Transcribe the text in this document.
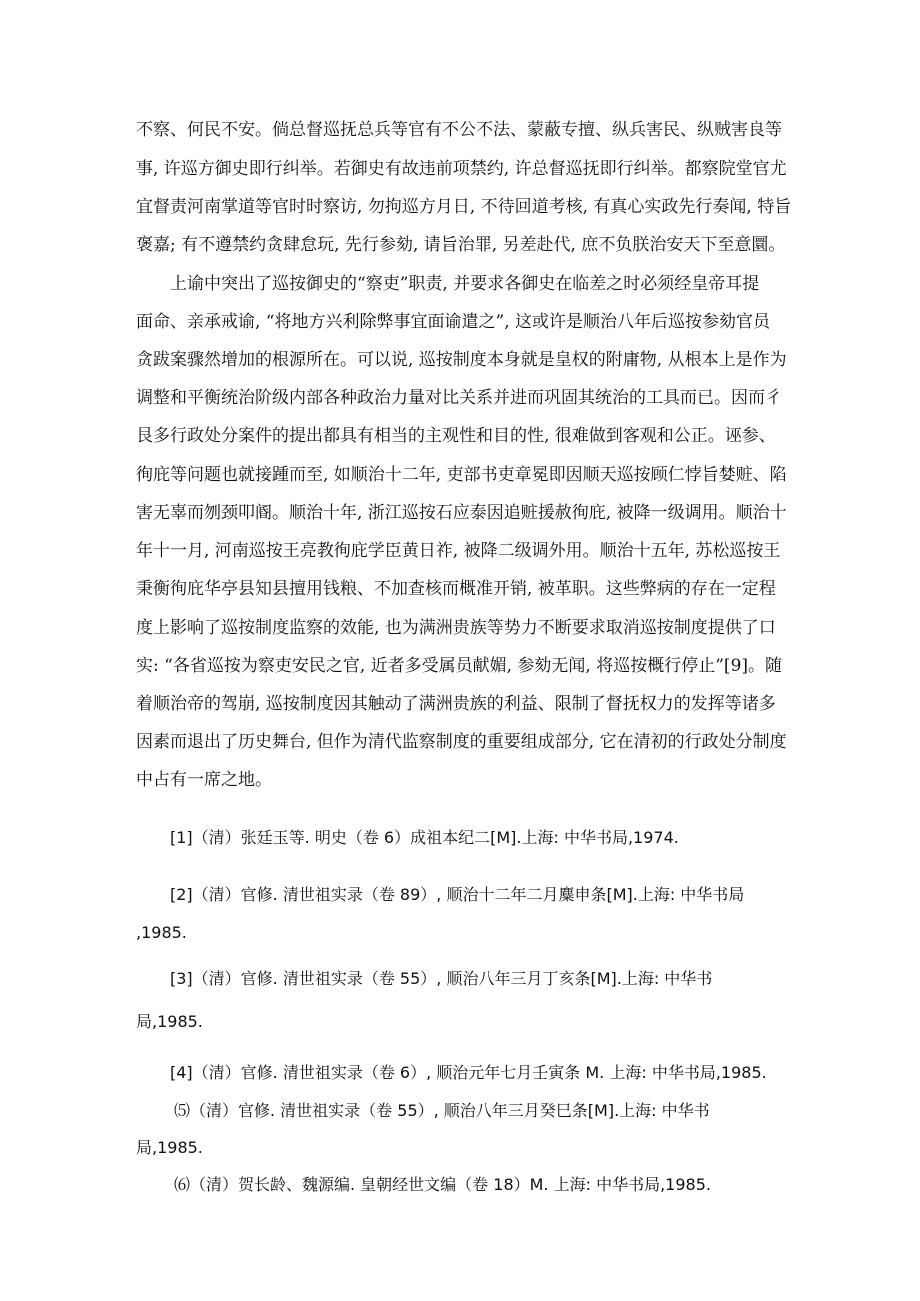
不察、何民不安。倘总督巡抚总兵等官有不公不法、蒙蔽专擅、纵兵害民、纵贼害良等

事, 许巡方御史即行纠举。若御史有故违前项禁约, 许总督巡抚即行纠举。都察院堂官尤

宜督责河南掌道等官时时察访, 勿拘巡方月日, 不待回道考核, 有真心实政先行奏闻, 特旨

褒嘉; 有不遵禁约贪肆怠玩, 先行参劾, 请旨治罪, 另差赴代, 庶不负朕治安天下至意圜。

上谕中突出了巡按御史的“察吏”职责, 并要求各御史在临差之时必须经皇帝耳提

面命、亲承戒谕, “将地方兴利除弊事宜面谕遣之”, 这或许是顺治八年后巡按参劾官员

贪跋案骤然增加的根源所在。可以说, 巡按制度本身就是皇权的附庸物, 从根本上是作为

调整和平衡统治阶级内部各种政治力量对比关系并进而巩固其统治的工具而已。因而彳

艮多行政处分案件的提出都具有相当的主观性和目的性, 很难做到客观和公正。诬参、

徇庇等问题也就接踵而至, 如顺治十二年, 吏部书吏章冕即因顺天巡按顾仁悖旨婪赃、陷

害无辜而刎颈叩阍。顺治十年, 浙江巡按石应泰因追赃援赦徇庇, 被降一级调用。顺治十

年十一月, 河南巡按王亮教徇庇学臣黄日祚, 被降二级调外用。顺治十五年, 苏松巡按王

秉衡徇庇华亭县知县擅用钱粮、不加查核而概准开销, 被革职。这些弊病的存在一定程

度上影响了巡按制度监察的效能, 也为满洲贵族等势力不断要求取消巡按制度提供了口

实: “各省巡按为察吏安民之官, 近者多受属员献媚, 参劾无闻, 将巡按概行停止”[9]。随

着顺治帝的驾崩, 巡按制度因其触动了满洲贵族的利益、限制了督抚权力的发挥等诸多

因素而退出了历史舞台, 但作为清代监察制度的重要组成部分, 它在清初的行政处分制度

中占有一席之地。

[1]（清）张廷玉等. 明史（卷 6）成祖本纪二[M].上海: 中华书局,1974.

[2]（清）官修. 清世祖实录（卷 89）, 顺治十二年二月麋申条[M].上海: 中华书局

,1985.

[3]（清）官修. 清世祖实录（卷 55）, 顺治八年三月丁亥条[M].上海: 中华书

局,1985.

[4]（清）官修. 清世祖实录（卷 6）, 顺治元年七月壬寅条 M. 上海: 中华书局,1985.

⑸（清）官修. 清世祖实录（卷 55）, 顺治八年三月癸巳条[M].上海: 中华书

局,1985.

⑹（清）贺长龄、魏源编. 皇朝经世文编（卷 18）M. 上海: 中华书局,1985.
